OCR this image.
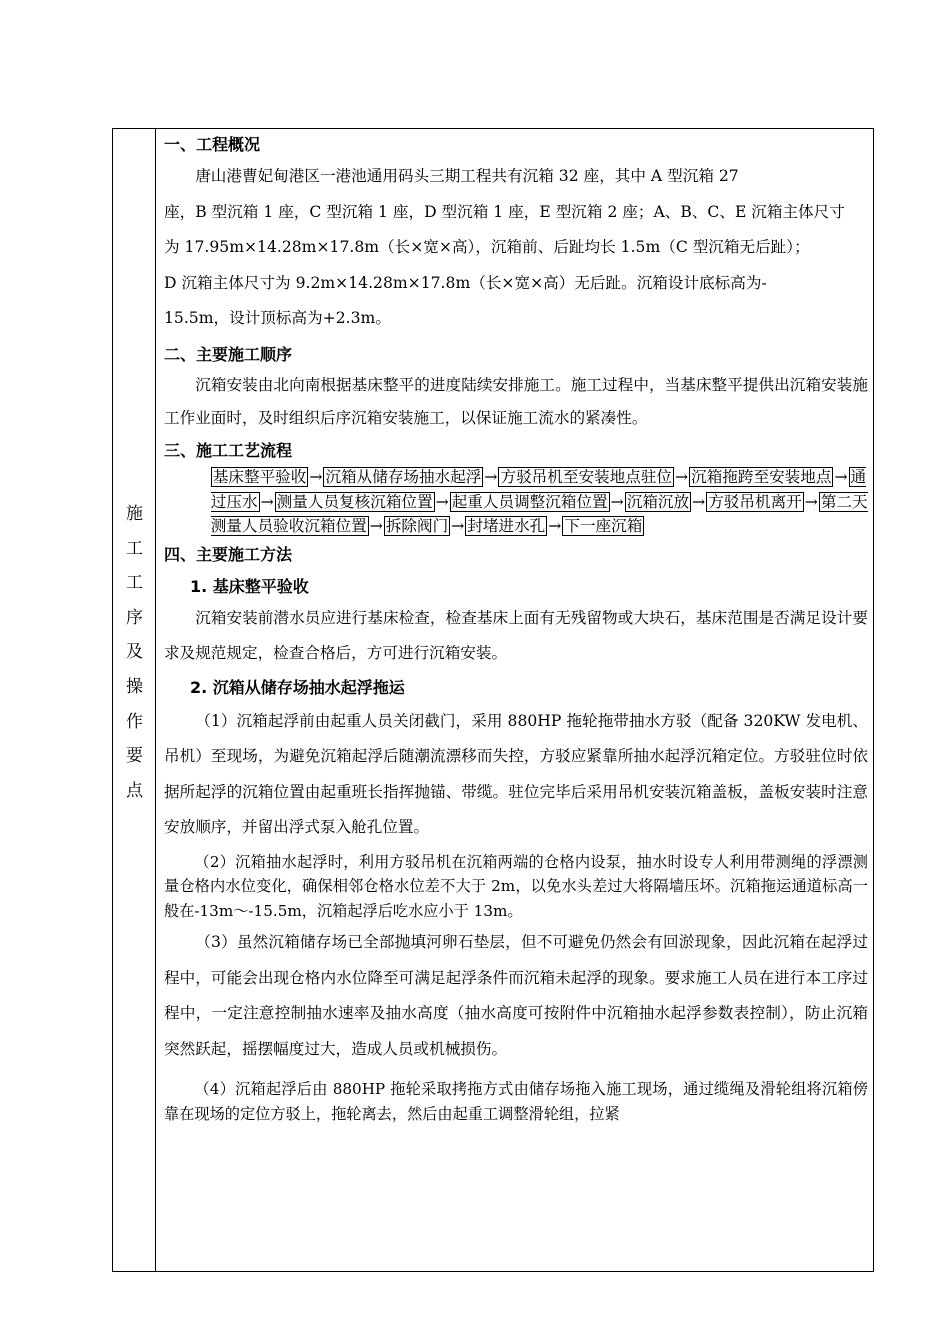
施
工
工
序
及
操
作
要
点
一、工程概况

唐山港曹妃甸港区一港池通用码头三期工程共有沉箱 32 座，其中 A 型沉箱 27
座，B 型沉箱 1 座，C 型沉箱 1 座，D 型沉箱 1 座，E 型沉箱 2 座；A、B、C、E 沉箱主体尺寸
为 17.95m×14.28m×17.8m（长×宽×高），沉箱前、后趾均长 1.5m（C 型沉箱无后趾）；
D 沉箱主体尺寸为 9.2m×14.28m×17.8m（长×宽×高）无后趾。沉箱设计底标高为-
15.5m，设计顶标高为+2.3m。

二、主要施工顺序

沉箱安装由北向南根据基床整平的进度陆续安排施工。施工过程中，当基床整平提供出沉箱安装施工作业面时，及时组织后序沉箱安装施工，以保证施工流水的紧凑性。

三、施工工艺流程
基床整平验收 → 沉箱从储存场抽水起浮 → 方驳吊机至安装地点驻位 → 沉箱拖跨至安装地点 → 通过压水 → 测量人员复核沉箱位置 → 起重人员调整沉箱位置 → 沉箱沉放 → 方驳吊机离开 → 第二天测量人员验收沉箱位置 → 拆除阀门 → 封堵进水孔 → 下一座沉箱
四、主要施工方法
1. 基床整平验收

沉箱安装前潜水员应进行基床检查，检查基床上面有无残留物或大块石，基床范围是否满足设计要求及规范规定，检查合格后，方可进行沉箱安装。

2. 沉箱从储存场抽水起浮拖运

（1）沉箱起浮前由起重人员关闭截门，采用 880HP 拖轮拖带抽水方驳（配备 320KW 发电机、吊机）至现场，为避免沉箱起浮后随潮流漂移而失控，方驳应紧靠所抽水起浮沉箱定位。方驳驻位时依据所起浮的沉箱位置由起重班长指挥抛锚、带缆。驻位完毕后采用吊机安装沉箱盖板，盖板安装时注意安放顺序，并留出浮式泵入舱孔位置。

（2）沉箱抽水起浮时，利用方驳吊机在沉箱两端的仓格内设泵，抽水时设专人利用带测绳的浮漂测量仓格内水位变化，确保相邻仓格水位差不大于 2m，以免水头差过大将隔墙压坏。沉箱拖运通道标高一般在-13m～-15.5m，沉箱起浮后吃水应小于 13m。

（3）虽然沉箱储存场已全部抛填河卵石垫层，但不可避免仍然会有回淤现象，因此沉箱在起浮过程中，可能会出现仓格内水位降至可满足起浮条件而沉箱未起浮的现象。要求施工人员在进行本工序过程中，一定注意控制抽水速率及抽水高度（抽水高度可按附件中沉箱抽水起浮参数表控制），防止沉箱突然跃起，摇摆幅度过大，造成人员或机械损伤。

（4）沉箱起浮后由 880HP 拖轮采取拷拖方式由储存场拖入施工现场，通过缆绳及滑轮组将沉箱傍靠在现场的定位方驳上，拖轮离去，然后由起重工调整滑轮组，拉紧
